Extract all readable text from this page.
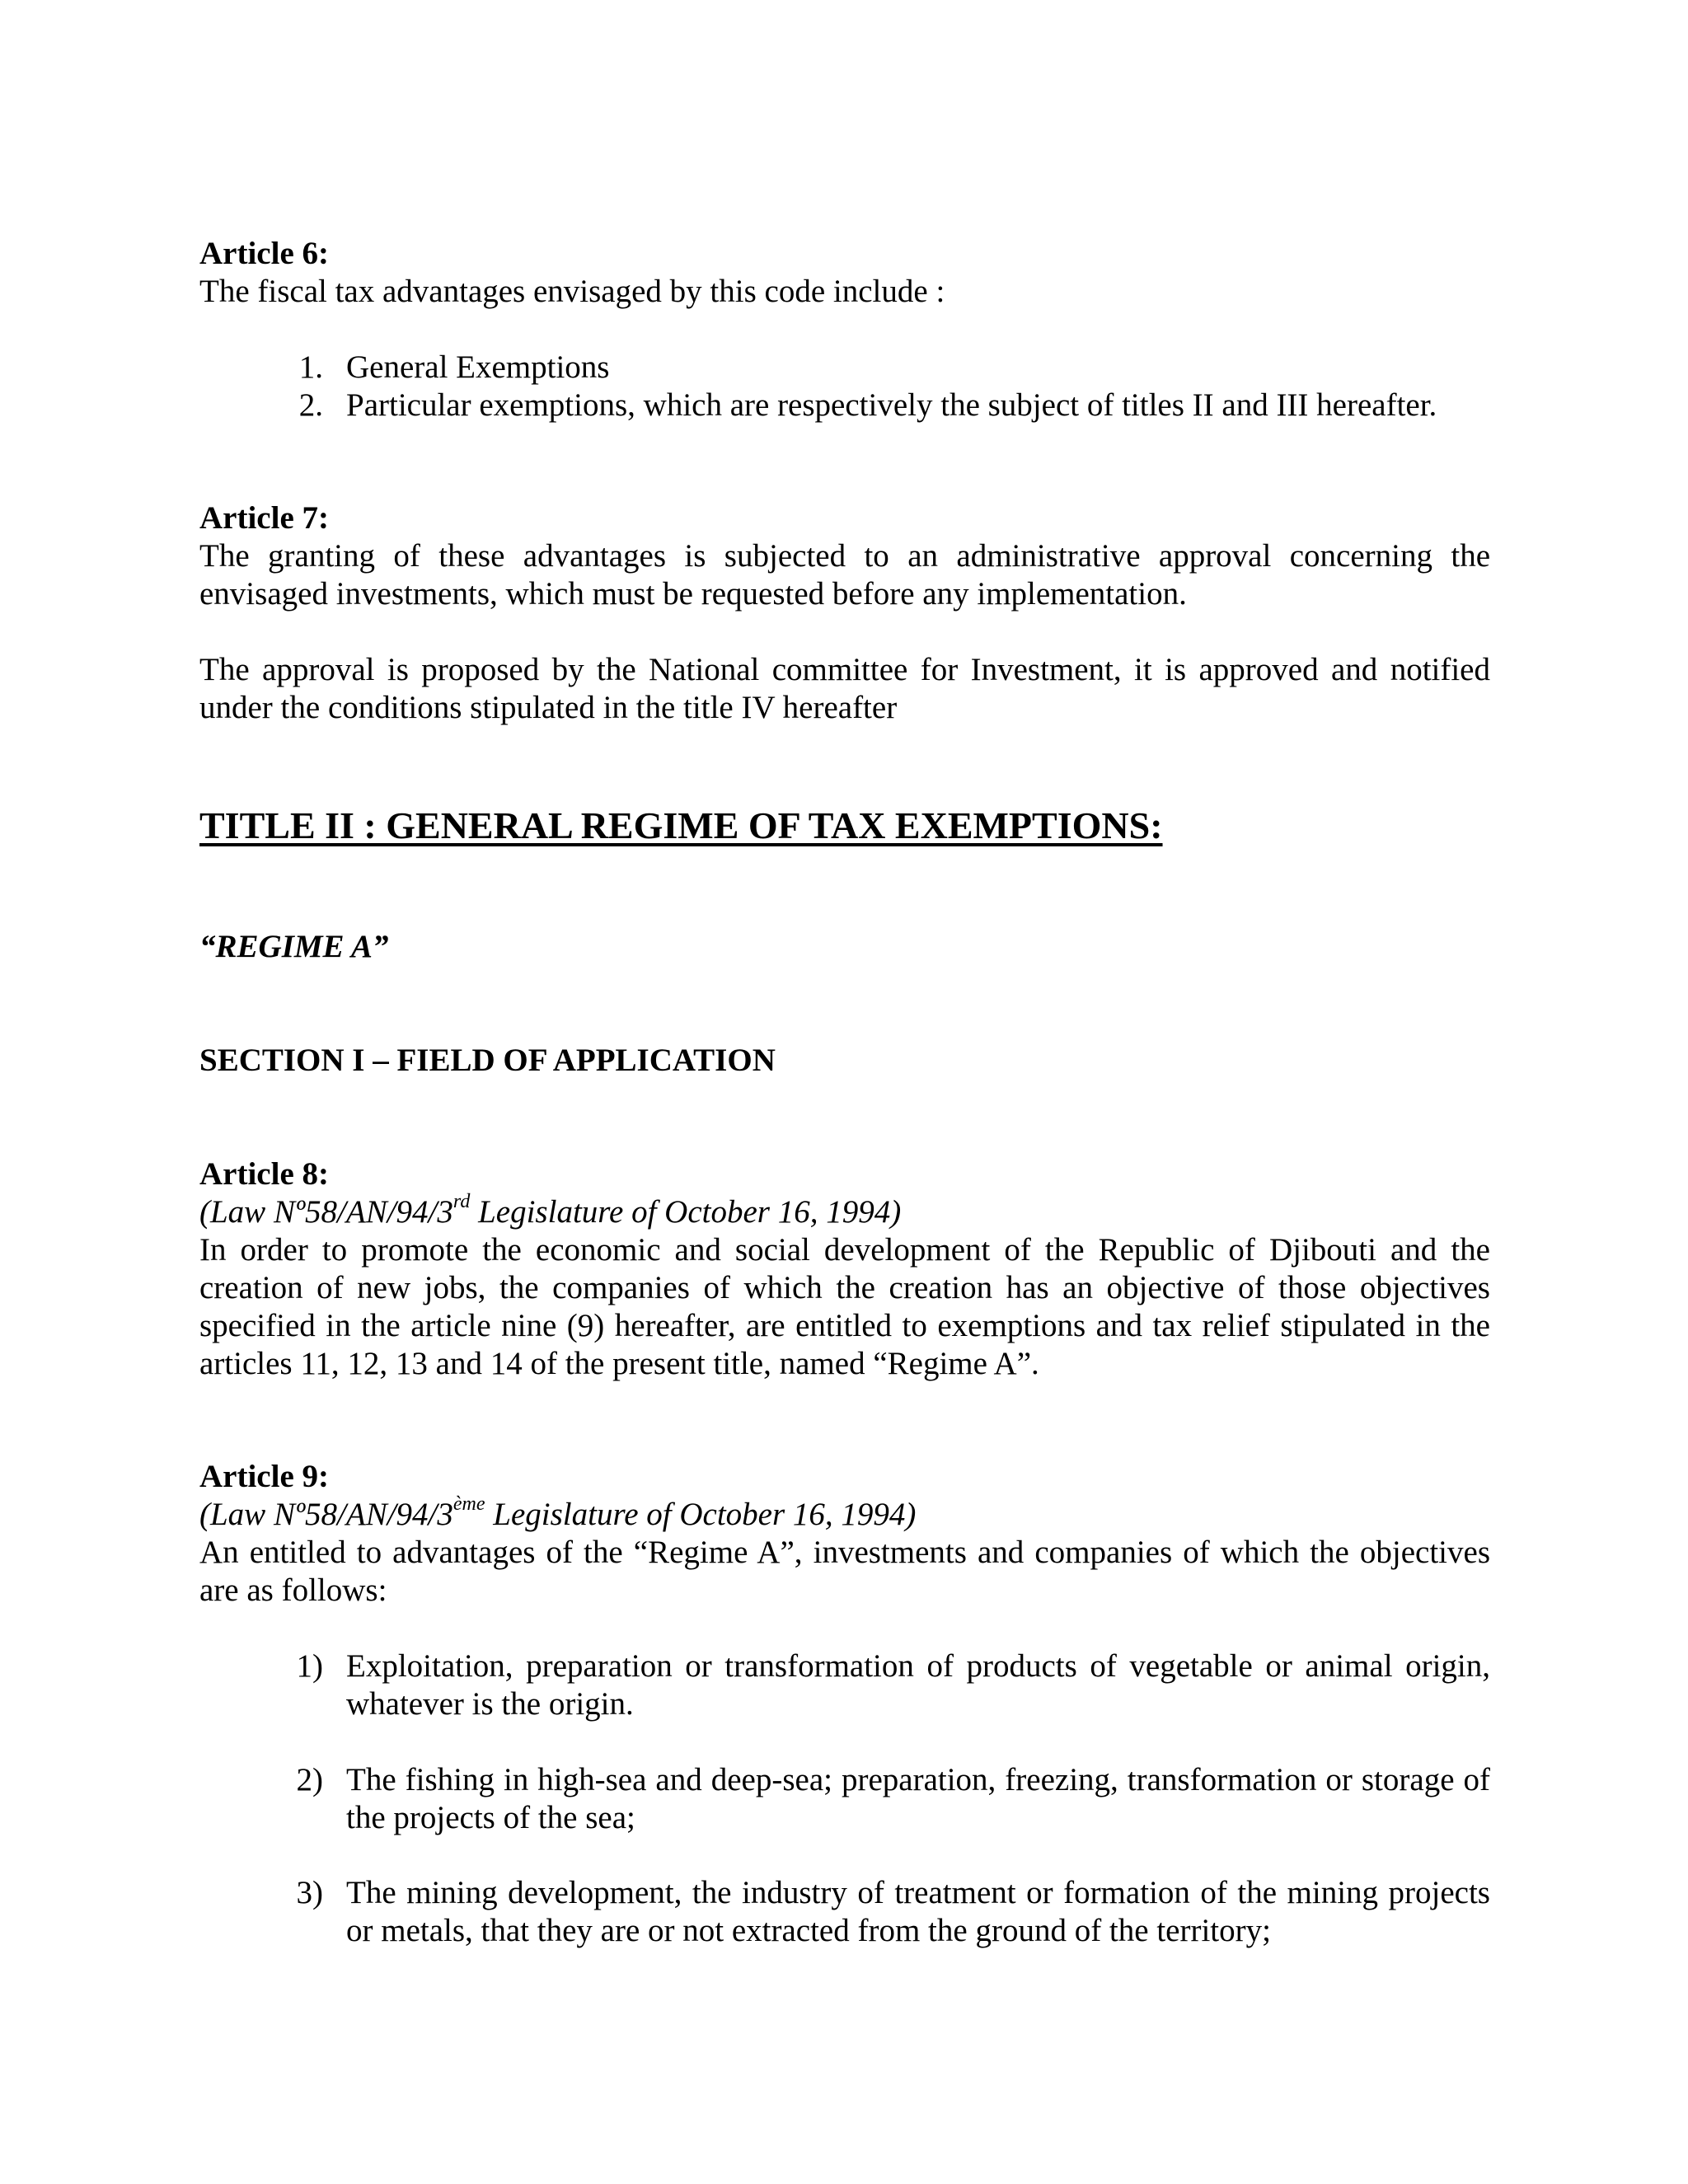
Article 6:

The fiscal tax advantages envisaged by this code include :

1. General Exemptions
2. Particular exemptions, which are respectively the subject of titles II and III hereafter.

Article 7:

The granting of these advantages is subjected to an administrative approval concerning the envisaged investments, which must be requested before any implementation.

The approval is proposed by the National committee for Investment, it is approved and notified under the conditions stipulated in the title IV hereafter

TITLE II : GENERAL REGIME OF TAX EXEMPTIONS:

“REGIME A”

SECTION I – FIELD OF APPLICATION

Article 8:

(Law Nº58/AN/94/3rd Legislature of October 16, 1994)

In order to promote the economic and social development of the Republic of Djibouti and the creation of new jobs, the companies of which the creation has an objective of those objectives specified in the article nine (9) hereafter, are entitled to exemptions and tax relief stipulated in the articles 11, 12, 13 and 14 of the present title, named “Regime A”.

Article 9:

(Law Nº58/AN/94/3ème Legislature of October 16, 1994)

An entitled to advantages of the “Regime A”, investments and companies of which the objectives are as follows:

1) Exploitation, preparation or transformation of products of vegetable or animal origin, whatever is the origin.
2) The fishing in high-sea and deep-sea; preparation, freezing, transformation or storage of the projects of the sea;
3) The mining development, the industry of treatment or formation of the mining projects or metals, that they are or not extracted from the ground of the territory;
